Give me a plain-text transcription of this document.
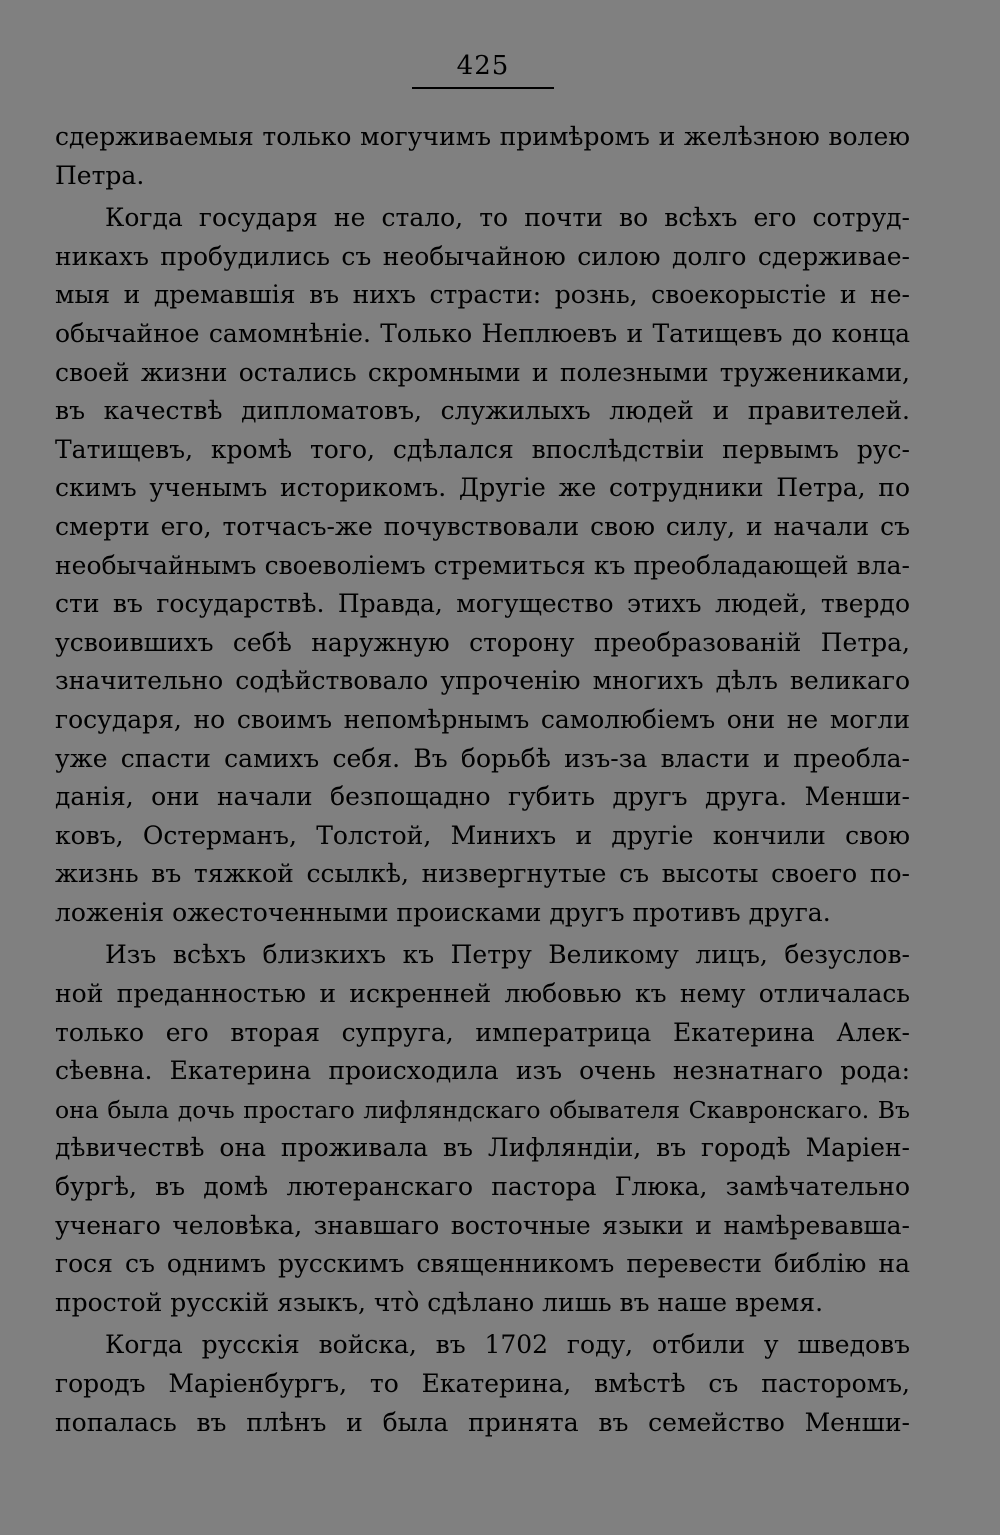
425
сдерживаемыя только могучимъ примѣромъ и желѣзною волею
Петра.
Когда государя не стало, то почти во всѣхъ его сотруд-
никахъ пробудились съ необычайною силою долго сдерживае-
мыя и дремавшія въ нихъ страсти: рознь, своекорыстіе и не-
обычайное самомнѣніе. Только Неплюевъ и Татищевъ до конца
своей жизни остались скромными и полезными тружениками,
въ качествѣ дипломатовъ, служилыхъ людей и правителей.
Татищевъ, кромѣ того, сдѣлался впослѣдствіи первымъ рус-
скимъ ученымъ историкомъ. Другіе же сотрудники Петра, по
смерти его, тотчасъ-же почувствовали свою силу, и начали съ
необычайнымъ своеволіемъ стремиться къ преобладающей вла-
сти въ государствѣ. Правда, могущество этихъ людей, твердо
усвоившихъ себѣ наружную сторону преобразованій Петра,
значительно содѣйствовало упроченію многихъ дѣлъ великаго
государя, но своимъ непомѣрнымъ самолюбіемъ они не могли
уже спасти самихъ себя. Въ борьбѣ изъ-за власти и преобла-
данія, они начали безпощадно губить другъ друга. Менши-
ковъ, Остерманъ, Толстой, Минихъ и другіе кончили свою
жизнь въ тяжкой ссылкѣ, низвергнутые съ высоты своего по-
ложенія ожесточенными происками другъ противъ друга.
Изъ всѣхъ близкихъ къ Петру Великому лицъ, безуслов-
ной преданностью и искренней любовью къ нему отличалась
только его вторая супруга, императрица Екатерина Алек-
сѣевна. Екатерина происходила изъ очень незнатнаго рода:
она была дочь простаго лифляндскаго обывателя Скавронскаго. Въ
дѣвичествѣ она проживала въ Лифляндіи, въ городѣ Маріен-
бургѣ, въ домѣ лютеранскаго пастора Глюка, замѣчательно
ученаго человѣка, знавшаго восточные языки и намѣревавша-
гося съ однимъ русскимъ священникомъ перевести библію на
простой русскій языкъ, что̀ сдѣлано лишь въ наше время.
Когда русскія войска, въ 1702 году, отбили у шведовъ
городъ Маріенбургъ, то Екатерина, вмѣстѣ съ пасторомъ,
попалась въ плѣнъ и была принята въ семейство Менши-
